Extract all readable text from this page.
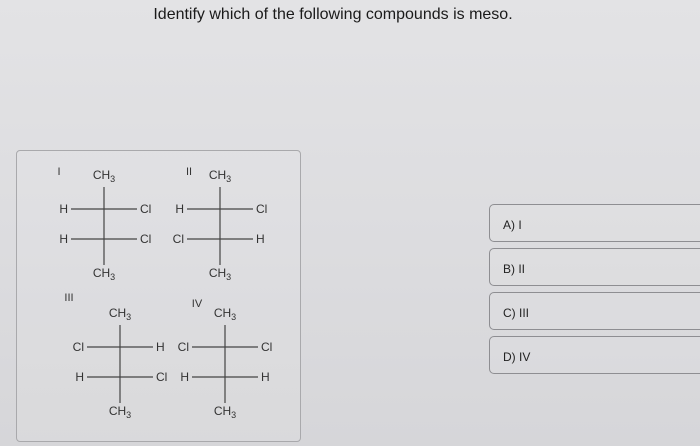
Identify which of the following compounds is meso.
I	$CH_3$
H	Cl
H	Cl
$CH_3$
II $CH_3$
H	Cl
Cl	H
$CH_3$
III
$CH_3$
Cl	H
H	Cl
$CH_3$
IV
$CH_3$
Cl	Cl
H	H
$CH_3$
A) I
B) II
C) III
D) IV
